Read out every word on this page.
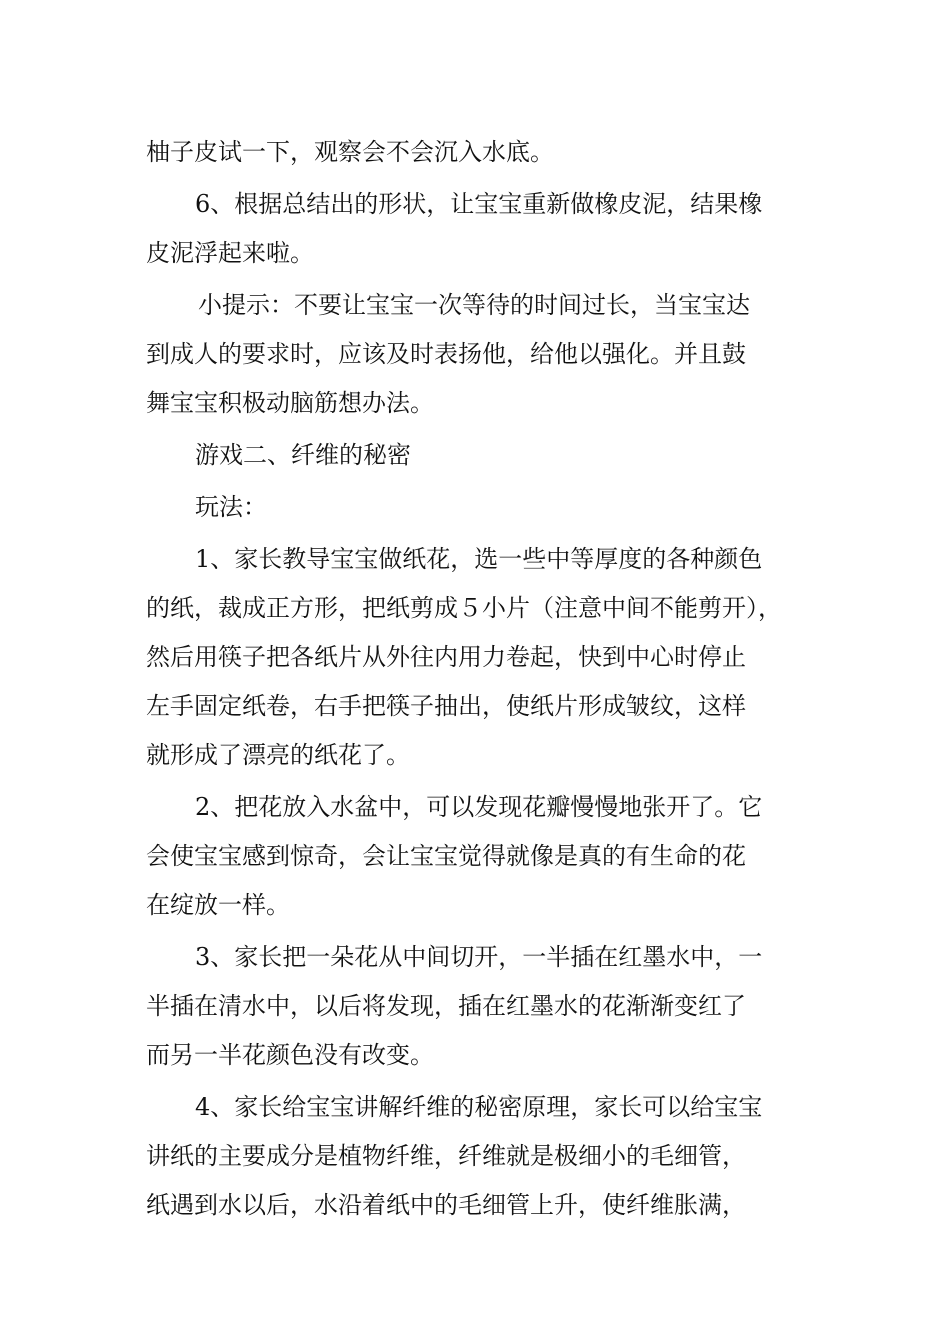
柚子皮试一下，观察会不会沉入水底。
6、根据总结出的形状，让宝宝重新做橡皮泥，结果橡
皮泥浮起来啦。
小提示：不要让宝宝一次等待的时间过长，当宝宝达
到成人的要求时，应该及时表扬他，给他以强化。并且鼓
舞宝宝积极动脑筋想办法。
游戏二、纤维的秘密
玩法：
1、家长教导宝宝做纸花，选一些中等厚度的各种颜色
的纸，裁成正方形，把纸剪成５小片（注意中间不能剪开），
然后用筷子把各纸片从外往内用力卷起，快到中心时停止
左手固定纸卷，右手把筷子抽出，使纸片形成皱纹，这样
就形成了漂亮的纸花了。
2、把花放入水盆中，可以发现花瓣慢慢地张开了。它
会使宝宝感到惊奇，会让宝宝觉得就像是真的有生命的花
在绽放一样。
3、家长把一朵花从中间切开，一半插在红墨水中，一
半插在清水中，以后将发现，插在红墨水的花渐渐变红了
而另一半花颜色没有改变。
4、家长给宝宝讲解纤维的秘密原理，家长可以给宝宝
讲纸的主要成分是植物纤维，纤维就是极细小的毛细管，
纸遇到水以后，水沿着纸中的毛细管上升，使纤维胀满，
